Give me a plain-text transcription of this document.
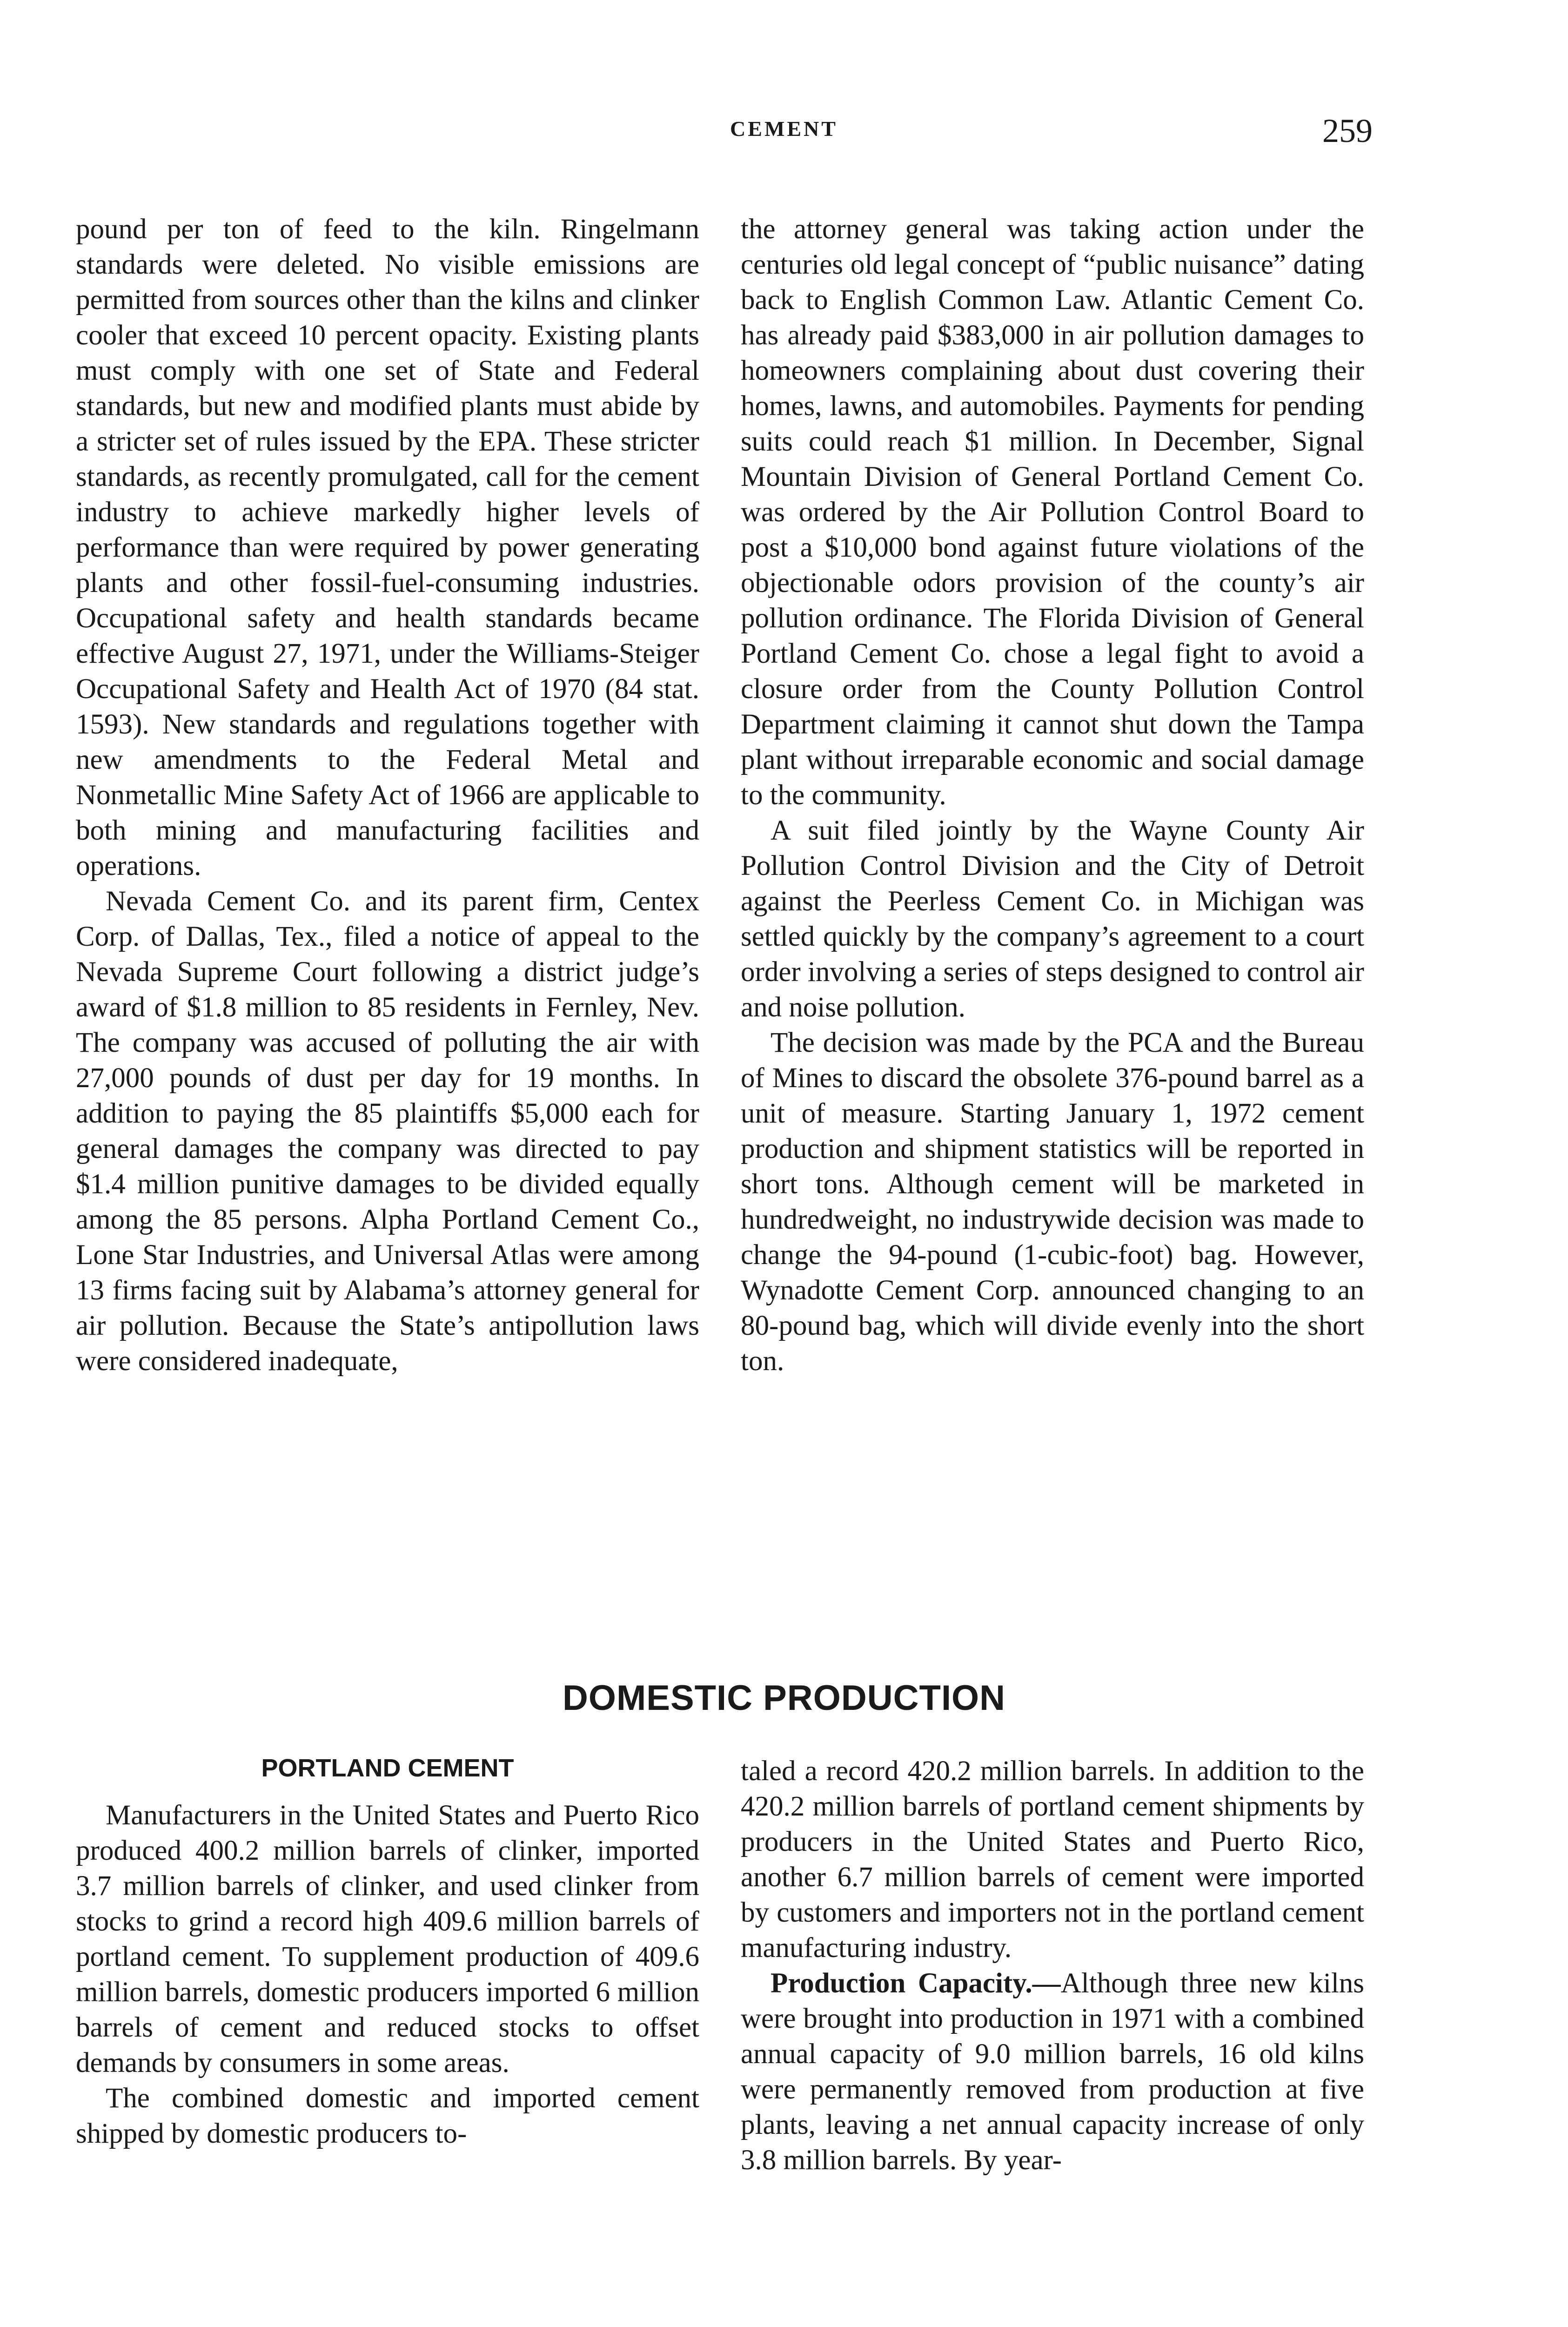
CEMENT	259

pound per ton of feed to the kiln. Ringelmann standards were deleted. No visible emissions are permitted from sources other than the kilns and clinker cooler that exceed 10 percent opacity. Existing plants must comply with one set of State and Federal standards, but new and modified plants must abide by a stricter set of rules issued by the EPA. These stricter standards, as recently promulgated, call for the cement industry to achieve markedly higher levels of performance than were required by power generating plants and other fossil-fuel-consuming industries. Occupational safety and health standards became effective August 27, 1971, under the Williams-Steiger Occupational Safety and Health Act of 1970 (84 stat. 1593). New standards and regulations together with new amendments to the Federal Metal and Nonmetallic Mine Safety Act of 1966 are applicable to both mining and manufacturing facilities and operations.

Nevada Cement Co. and its parent firm, Centex Corp. of Dallas, Tex., filed a notice of appeal to the Nevada Supreme Court following a district judge’s award of $1.8 million to 85 residents in Fernley, Nev. The company was accused of polluting the air with 27,000 pounds of dust per day for 19 months. In addition to paying the 85 plaintiffs $5,000 each for general damages the company was directed to pay $1.4 million punitive damages to be divided equally among the 85 persons. Alpha Portland Cement Co., Lone Star Industries, and Universal Atlas were among 13 firms facing suit by Alabama’s attorney general for air pollution. Because the State’s antipollution laws were considered inadequate,

the attorney general was taking action under the centuries old legal concept of “public nuisance” dating back to English Common Law. Atlantic Cement Co. has already paid $383,000 in air pollution damages to homeowners complaining about dust covering their homes, lawns, and automobiles. Payments for pending suits could reach $1 million. In December, Signal Mountain Division of General Portland Cement Co. was ordered by the Air Pollution Control Board to post a $10,000 bond against future violations of the objectionable odors provision of the county’s air pollution ordinance. The Florida Division of General Portland Cement Co. chose a legal fight to avoid a closure order from the County Pollution Control Department claiming it cannot shut down the Tampa plant without irreparable economic and social damage to the community.

A suit filed jointly by the Wayne County Air Pollution Control Division and the City of Detroit against the Peerless Cement Co. in Michigan was settled quickly by the company’s agreement to a court order involving a series of steps designed to control air and noise pollution.

The decision was made by the PCA and the Bureau of Mines to discard the obsolete 376-pound barrel as a unit of measure. Starting January 1, 1972 cement production and shipment statistics will be reported in short tons. Although cement will be marketed in hundredweight, no industrywide decision was made to change the 94-pound (1-cubic-foot) bag. However, Wynadotte Cement Corp. announced changing to an 80-pound bag, which will divide evenly into the short ton.

DOMESTIC PRODUCTION
PORTLAND CEMENT

Manufacturers in the United States and Puerto Rico produced 400.2 million barrels of clinker, imported 3.7 million barrels of clinker, and used clinker from stocks to grind a record high 409.6 million barrels of portland cement. To supplement production of 409.6 million barrels, domestic producers imported 6 million barrels of cement and reduced stocks to offset demands by consumers in some areas.

The combined domestic and imported cement shipped by domestic producers to-

taled a record 420.2 million barrels. In addition to the 420.2 million barrels of portland cement shipments by producers in the United States and Puerto Rico, another 6.7 million barrels of cement were imported by customers and importers not in the portland cement manufacturing industry.

Production Capacity.—Although three new kilns were brought into production in 1971 with a combined annual capacity of 9.0 million barrels, 16 old kilns were permanently removed from production at five plants, leaving a net annual capacity increase of only 3.8 million barrels. By year-
